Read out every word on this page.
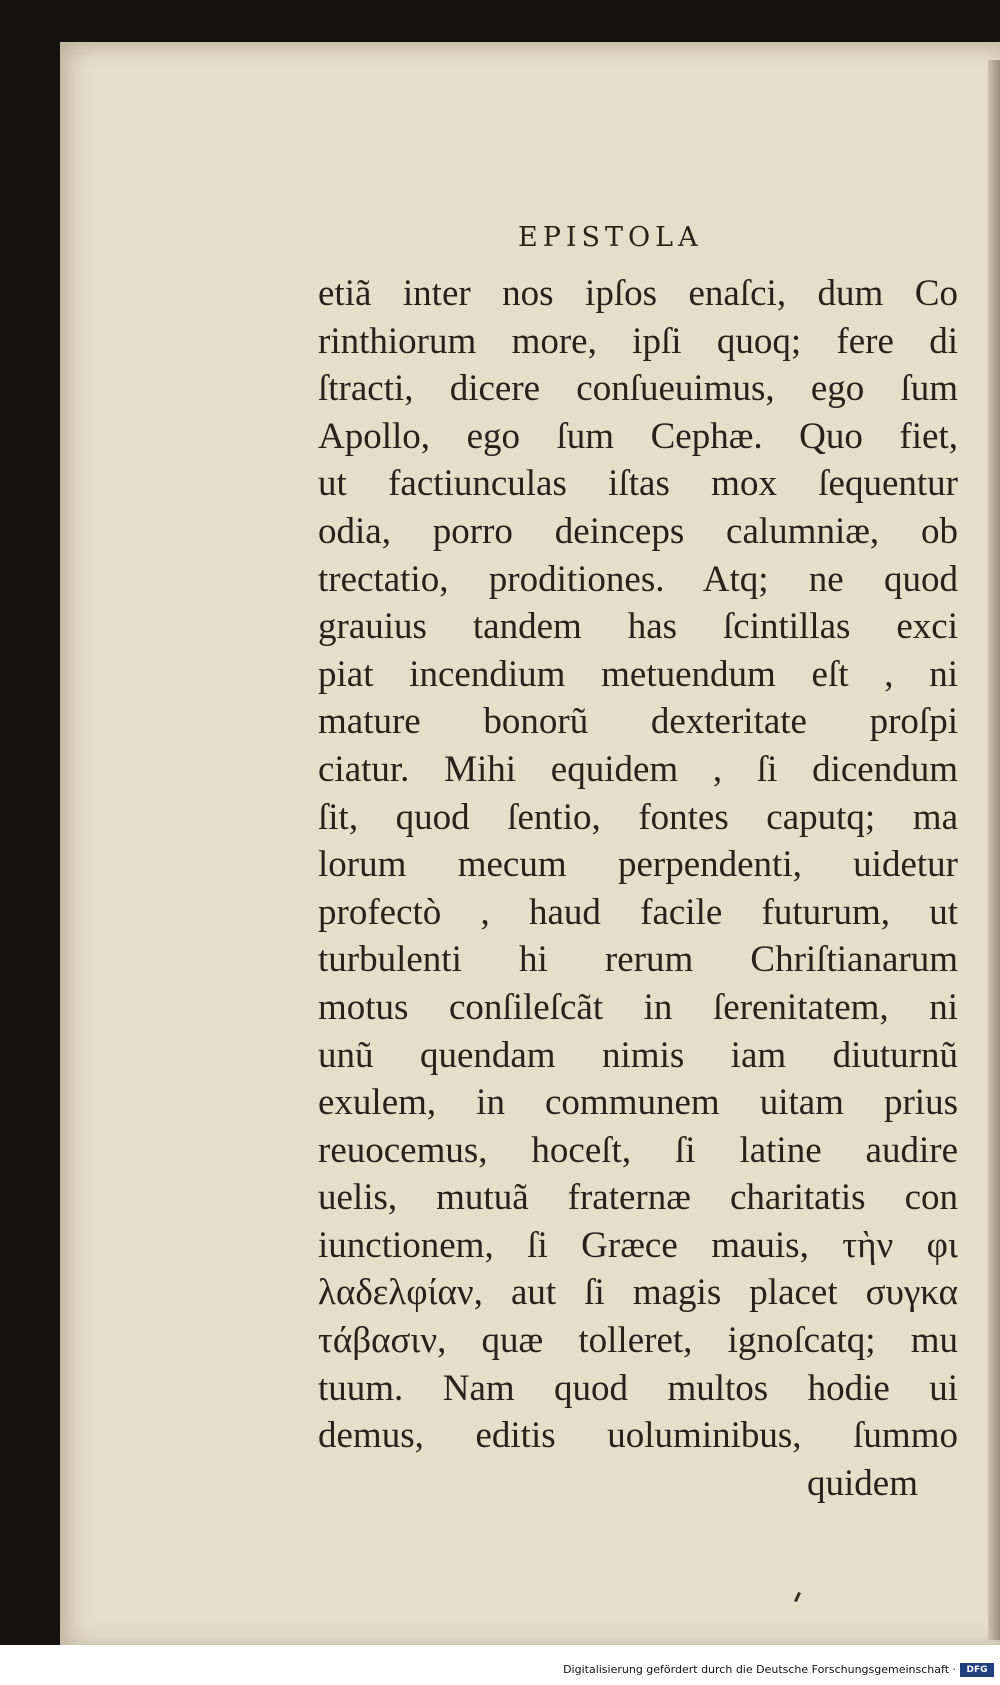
EPISTOLA
etiã inter nos ipſos enaſci, dum Co
rinthiorum more, ipſi quoq; fere di
ſtracti, dicere conſueuimus, ego ſum
Apollo, ego ſum Cephæ. Quo fiet,
ut factiunculas iſtas mox ſequentur
odia, porro deinceps calumniæ, ob
trectatio, proditiones. Atq; ne quod
grauius tandem has ſcintillas exci
piat incendium metuendum eſt , ni
mature bonorũ dexteritate proſpi
ciatur. Mihi equidem , ſi dicendum
ſit, quod ſentio, fontes caputq; ma
lorum mecum perpendenti, uidetur
profectò , haud facile futurum, ut
turbulenti hi rerum Chriſtianarum
motus conſileſcãt in ſerenitatem, ni
unũ quendam nimis iam diuturnũ
exulem, in communem uitam prius
reuocemus, hoceſt, ſi latine audire
uelis, mutuã fraternæ charitatis con
iunctionem, ſi Græce mauis, τὴν φι
λαδελφίαν, aut ſi magis placet συγκα
τάβασιν, quæ tolleret, ignoſcatq; mu
tuum. Nam quod multos hodie ui
demus, editis uoluminibus, ſummo
quidem
Digitalisierung gefördert durch die Deutsche Forschungsgemeinschaft ·	DFG
